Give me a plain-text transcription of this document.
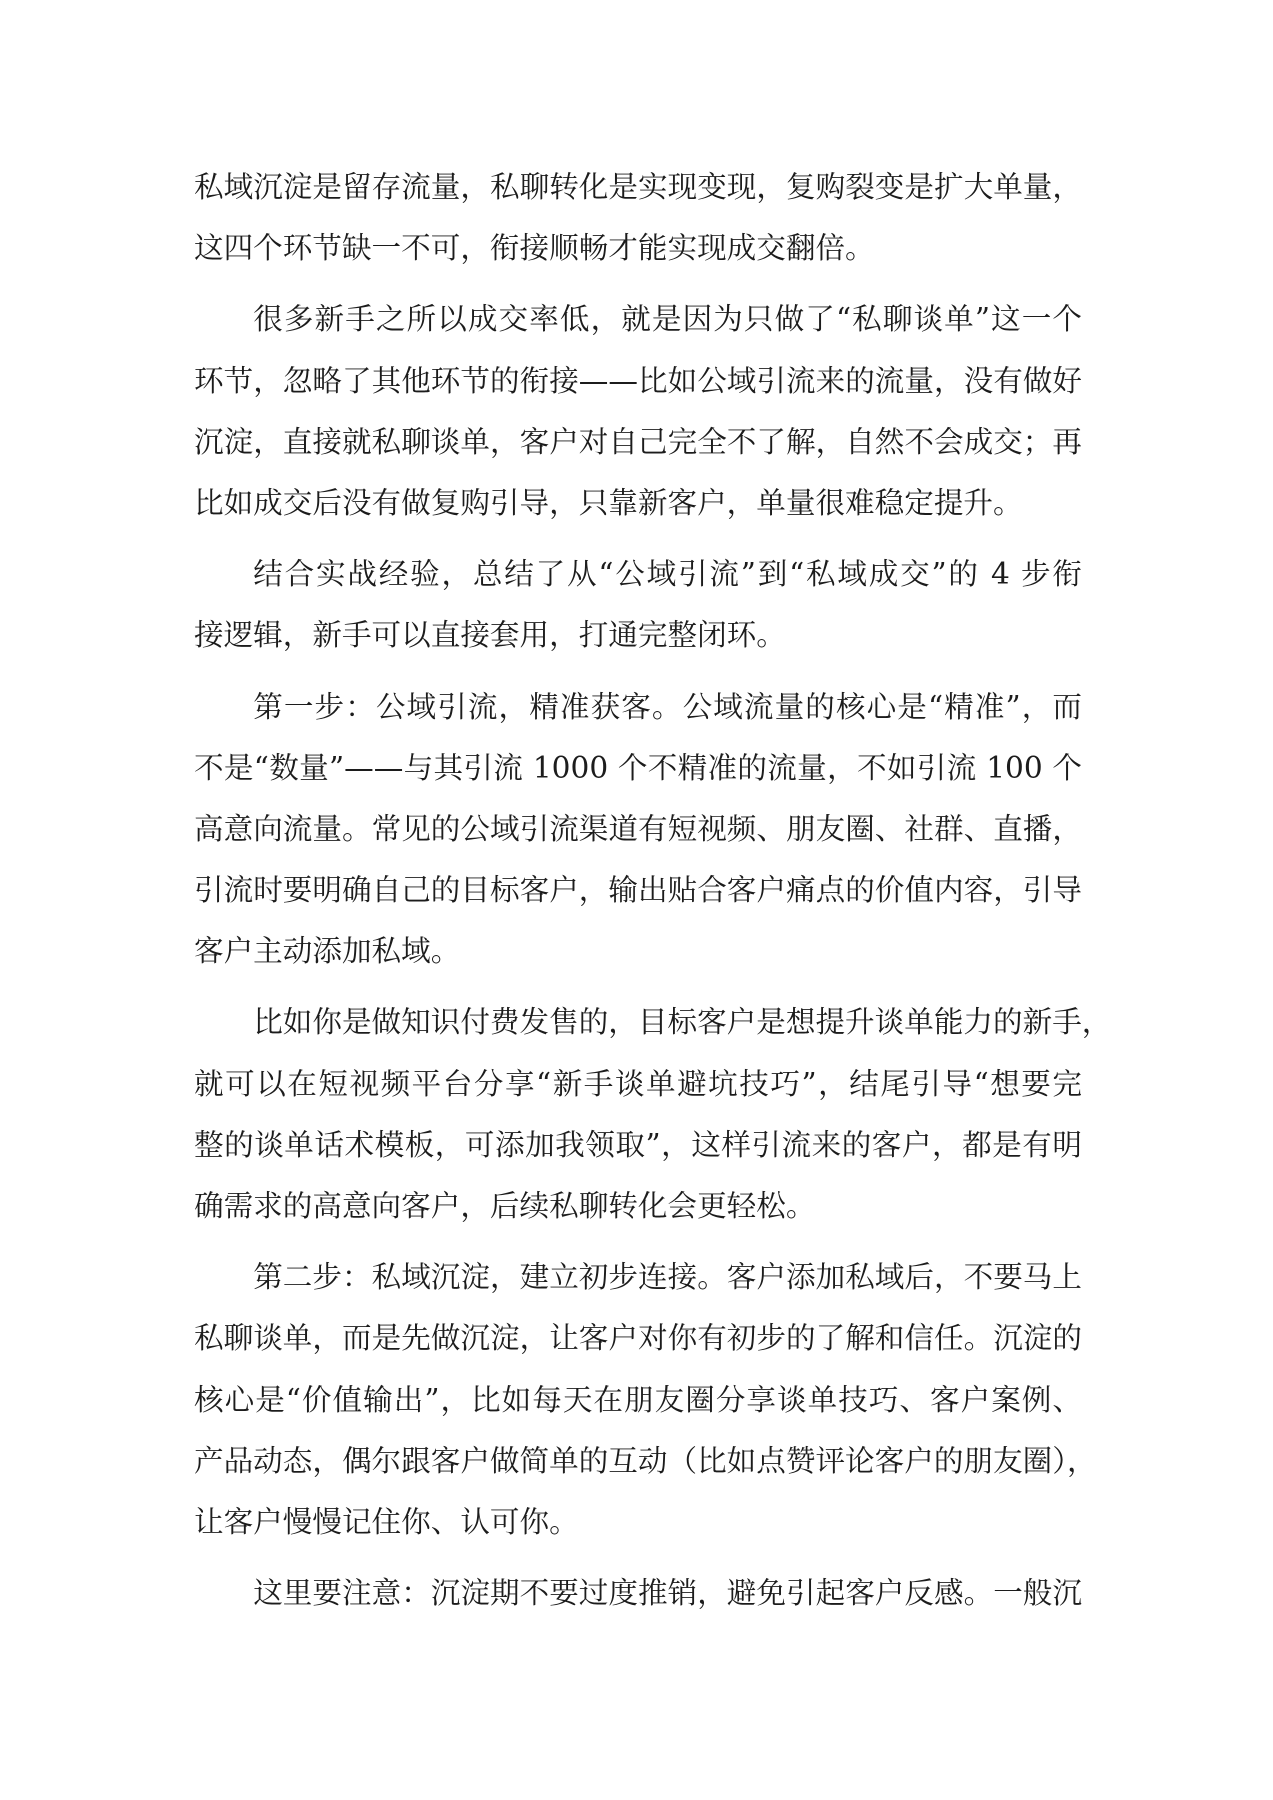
私域沉淀是留存流量，私聊转化是实现变现，复购裂变是扩大单量，
这四个环节缺一不可，衔接顺畅才能实现成交翻倍。
很多新手之所以成交率低，就是因为只做了“私聊谈单”这一个
环节，忽略了其他环节的衔接——比如公域引流来的流量，没有做好
沉淀，直接就私聊谈单，客户对自己完全不了解，自然不会成交；再
比如成交后没有做复购引导，只靠新客户，单量很难稳定提升。
结合实战经验，总结了从“公域引流”到“私域成交”的 4 步衔
接逻辑，新手可以直接套用，打通完整闭环。
第一步：公域引流，精准获客。公域流量的核心是“精准”，而
不是“数量”——与其引流 1000 个不精准的流量，不如引流 100 个
高意向流量。常见的公域引流渠道有短视频、朋友圈、社群、直播，
引流时要明确自己的目标客户，输出贴合客户痛点的价值内容，引导
客户主动添加私域。
比如你是做知识付费发售的，目标客户是想提升谈单能力的新手，
就可以在短视频平台分享“新手谈单避坑技巧”，结尾引导“想要完
整的谈单话术模板，可添加我领取”，这样引流来的客户，都是有明
确需求的高意向客户，后续私聊转化会更轻松。
第二步：私域沉淀，建立初步连接。客户添加私域后，不要马上
私聊谈单，而是先做沉淀，让客户对你有初步的了解和信任。沉淀的
核心是“价值输出”，比如每天在朋友圈分享谈单技巧、客户案例、
产品动态，偶尔跟客户做简单的互动（比如点赞评论客户的朋友圈），
让客户慢慢记住你、认可你。
这里要注意：沉淀期不要过度推销，避免引起客户反感。一般沉
